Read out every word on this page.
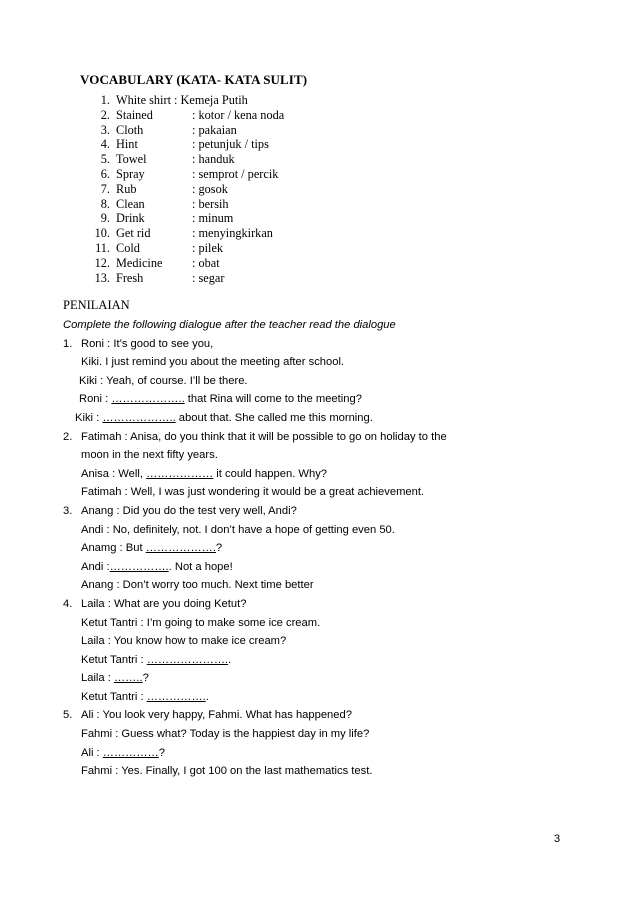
VOCABULARY (KATA- KATA SULIT)
1. White shirt : Kemeja Putih
2. Stained	: kotor / kena noda
3. Cloth	: pakaian
4. Hint	: petunjuk / tips
5. Towel	: handuk
6. Spray	: semprot / percik
7. Rub	: gosok
8. Clean	: bersih
9. Drink	: minum
10. Get rid	: menyingkirkan
11. Cold	: pilek
12. Medicine : obat
13. Fresh	: segar
PENILAIAN
Complete the following dialogue after the teacher read the dialogue
1. Roni : It’s good to see you,
Kiki. I just remind you about the meeting after school.
Kiki : Yeah, of course. I’ll be there.
Roni : ……………….. that Rina will come to the meeting?
Kiki : ……………….. about that. She called me this morning.
2. Fatimah : Anisa, do you think that it will be possible to go on holiday to the
moon in the next fifty years.
Anisa : Well, ……………… it could happen. Why?
Fatimah : Well, I was just wondering it would be a great achievement.
3. Anang : Did you do the test very well, Andi?
Andi : No, definitely, not. I don’t have a hope of getting even 50.
Anamg : But ……………….?
Andi :…………….. Not a hope!
Anang : Don’t worry too much. Next time better
4. Laila : What are you doing Ketut?
Ketut Tantri : I’m going to make some ice cream.
Laila : You know how to make ice cream?
Ketut Tantri : …………………..
Laila : ……..?
Ketut Tantri : ……………..
5. Ali : You look very happy, Fahmi. What has happened?
Fahmi : Guess what? Today is the happiest day in my life?
Ali : ……………?
Fahmi : Yes. Finally, I got 100 on the last mathematics test.
3
